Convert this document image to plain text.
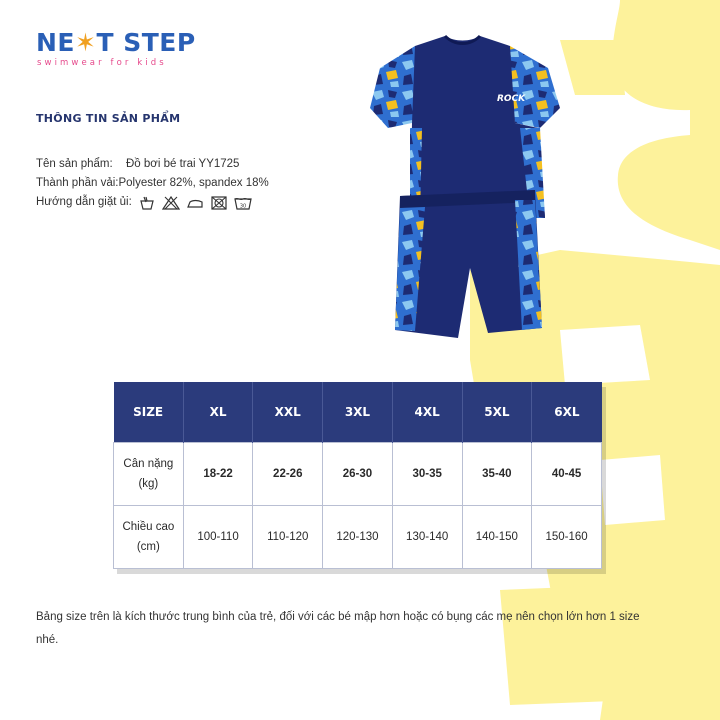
NE✶T STEP
swimwear for kids
THÔNG TIN SẢN PHẨM
Tên sản phẩm:	Đồ bơi bé trai YY1725
Thành phần vải: Polyester 82%, spandex 18%
Hướng dẫn giặt ủi:	30
ROCK
SIZE	XL	XXL	3XL	4XL	5XL	6XL
Cân nặng
(kg)	18-22	22-26	26-30	30-35	35-40	40-45
Chiều cao
(cm)	100-110	110-120	120-130	130-140	140-150	150-160

Bảng size trên là kích thước trung bình của trẻ, đối với các bé mập hơn hoặc có bụng các mẹ nên chọn lớn hơn 1 size nhé.
